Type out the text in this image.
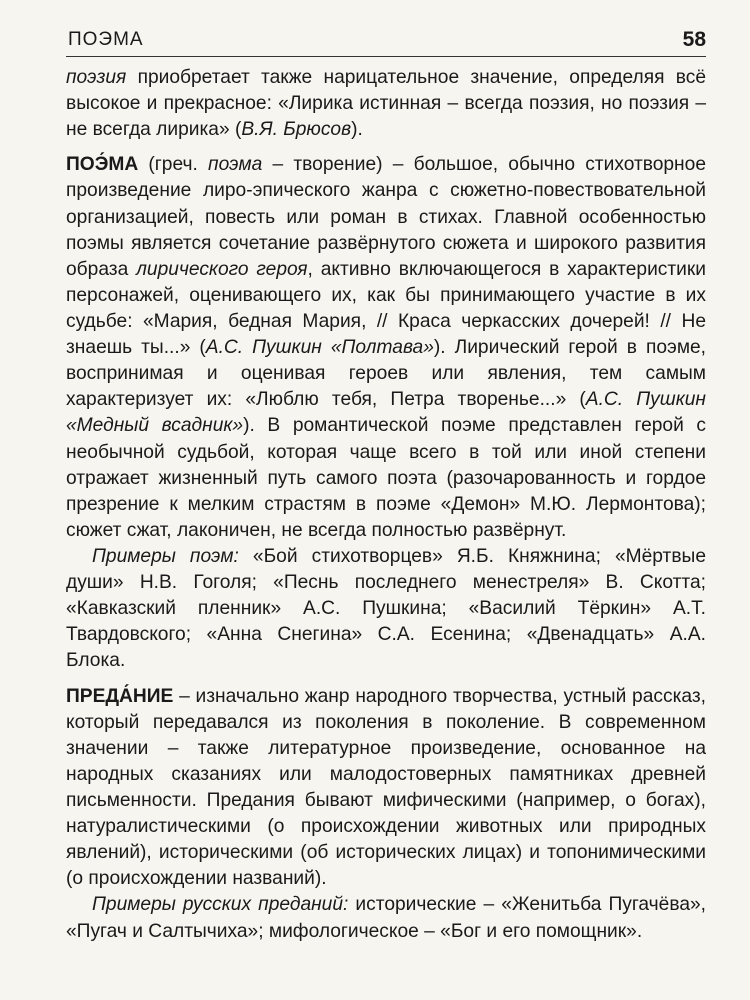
ПОЭМА	58

поэзия приобретает также нарицательное значение, определяя всё высокое и прекрасное: «Лирика истинная – всегда поэзия, но поэзия – не всегда лирика» (В.Я. Брюсов).

ПОЭ́МА (греч. поэма – творение) – большое, обычно стихотворное произведение лиро-эпического жанра с сюжетно-повествовательной организацией, повесть или роман в стихах. Главной особенностью поэмы является сочетание развёрнутого сюжета и широкого развития образа лирического героя, активно включающегося в характеристики персонажей, оценивающего их, как бы принимающего участие в их судьбе: «Мария, бедная Мария, // Краса черкасских дочерей! // Не знаешь ты...» (А.С. Пушкин «Полтава»). Лирический герой в поэме, воспринимая и оценивая героев или явления, тем самым характеризует их: «Люблю тебя, Петра творенье...» (А.С. Пушкин «Медный всадник»). В романтической поэме представлен герой с необычной судьбой, которая чаще всего в той или иной степени отражает жизненный путь самого поэта (разочарованность и гордое презрение к мелким страстям в поэме «Демон» М.Ю. Лермонтова); сюжет сжат, лаконичен, не всегда полностью развёрнут.

Примеры поэм: «Бой стихотворцев» Я.Б. Княжнина; «Мёртвые души» Н.В. Гоголя; «Песнь последнего менестреля» В. Скотта; «Кавказский пленник» А.С. Пушкина; «Василий Тёркин» А.Т. Твардовского; «Анна Снегина» С.А. Есенина; «Двенадцать» А.А. Блока.

ПРЕДА́НИЕ – изначально жанр народного творчества, устный рассказ, который передавался из поколения в поколение. В современном значении – также литературное произведение, основанное на народных сказаниях или малодостоверных памятниках древней письменности. Предания бывают мифическими (например, о богах), натуралистическими (о происхождении животных или природных явлений), историческими (об исторических лицах) и топонимическими (о происхождении названий).

Примеры русских преданий: исторические – «Женитьба Пугачёва», «Пугач и Салтычиха»; мифологическое – «Бог и его помощник».
